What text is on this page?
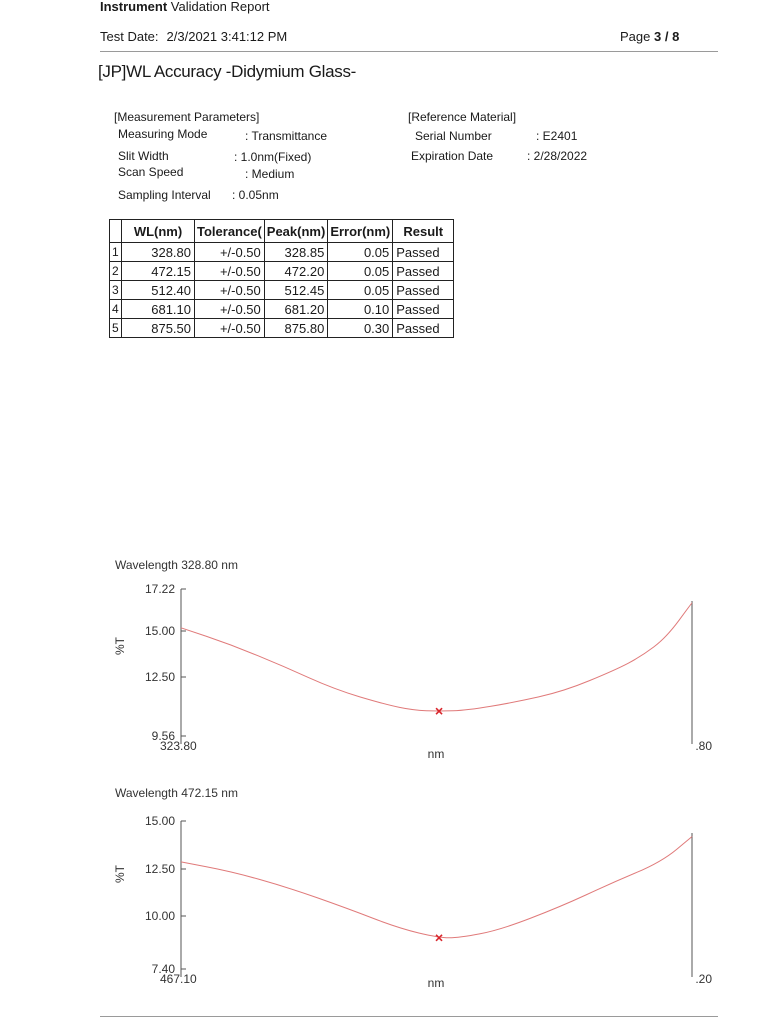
Instrument Validation Report
Test Date: 2/3/2021 3:41:12 PM	Page 3 / 8
[JP]WL Accuracy -Didymium Glass-
[Measurement Parameters]
Measuring Mode	: Transmittance
Slit Width	: 1.0nm(Fixed)
Scan Speed	: Medium
Sampling Interval : 0.05nm
[Reference Material]
Serial Number	: E2401
Expiration Date	: 2/28/2022
	WL(nm)	Tolerance(	Peak(nm)	Error(nm)	Result
1	328.80	+/-0.50	328.85	0.05	Passed
2	472.15	+/-0.50	472.20	0.05	Passed
3	512.40	+/-0.50	512.45	0.05	Passed
4	681.10	+/-0.50	681.20	0.10	Passed
5	875.50	+/-0.50	875.80	0.30	Passed
Wavelength 328.80 nm
17.22
15.00
12.50
9.56
323.80	.80
nm
%T
Wavelength 472.15 nm
15.00
12.50
10.00
7.40
467.10	.20
nm
%T
